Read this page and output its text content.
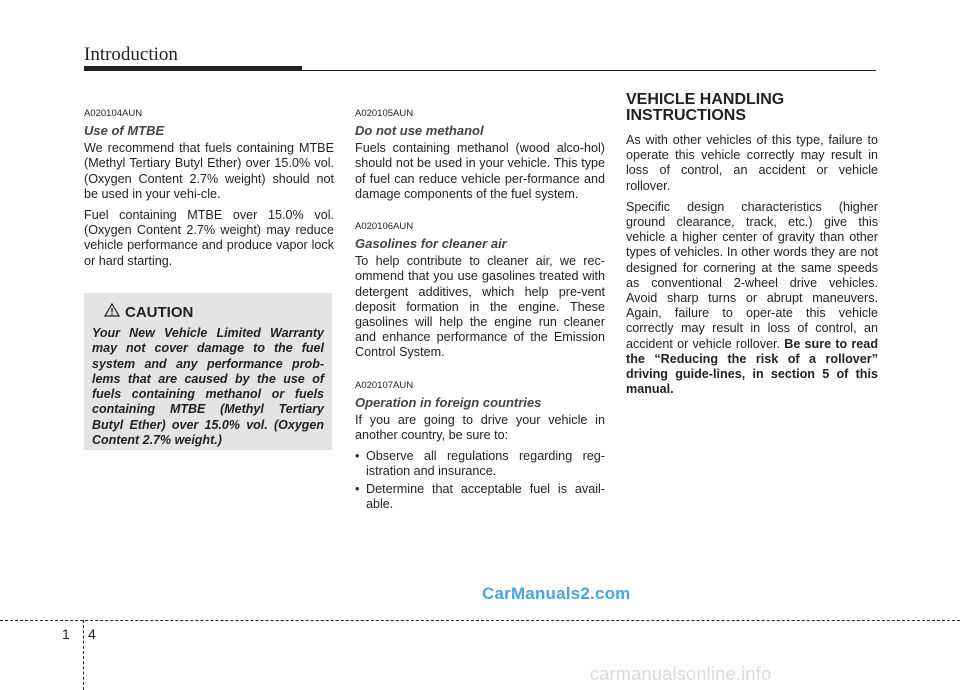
Introduction
A020104AUN
Use of MTBE

We recommend that fuels containing MTBE (Methyl Tertiary Butyl Ether) over 15.0% vol. (Oxygen Content 2.7% weight) should not be used in your vehi-cle.

Fuel containing MTBE over 15.0% vol. (Oxygen Content 2.7% weight) may reduce vehicle performance and produce vapor lock or hard starting.

CAUTION
Your New Vehicle Limited Warranty may not cover damage to the fuel system and any performance prob-lems that are caused by the use of fuels containing methanol or fuels containing MTBE (Methyl Tertiary Butyl Ether) over 15.0% vol. (Oxygen Content 2.7% weight.)
A020105AUN
Do not use methanol

Fuels containing methanol (wood alco-hol) should not be used in your vehicle. This type of fuel can reduce vehicle per-formance and damage components of the fuel system.

A020106AUN
Gasolines for cleaner air

To help contribute to cleaner air, we rec-ommend that you use gasolines treated with detergent additives, which help pre-vent deposit formation in the engine. These gasolines will help the engine run cleaner and enhance performance of the Emission Control System.

A020107AUN
Operation in foreign countries

If you are going to drive your vehicle in another country, be sure to:

• Observe all regulations regarding reg-istration and insurance.
• Determine that acceptable fuel is avail-able.
VEHICLE HANDLING
INSTRUCTIONS

As with other vehicles of this type, failure to operate this vehicle correctly may result in loss of control, an accident or vehicle rollover.

Specific design characteristics (higher ground clearance, track, etc.) give this vehicle a higher center of gravity than other types of vehicles. In other words they are not designed for cornering at the same speeds as conventional 2-wheel drive vehicles. Avoid sharp turns or abrupt maneuvers. Again, failure to oper-ate this vehicle correctly may result in loss of control, an accident or vehicle rollover. Be sure to read the “Reducing the risk of a rollover” driving guide-lines, in section 5 of this manual.

CarManuals2.com
1 4
carmanualsonline.info
